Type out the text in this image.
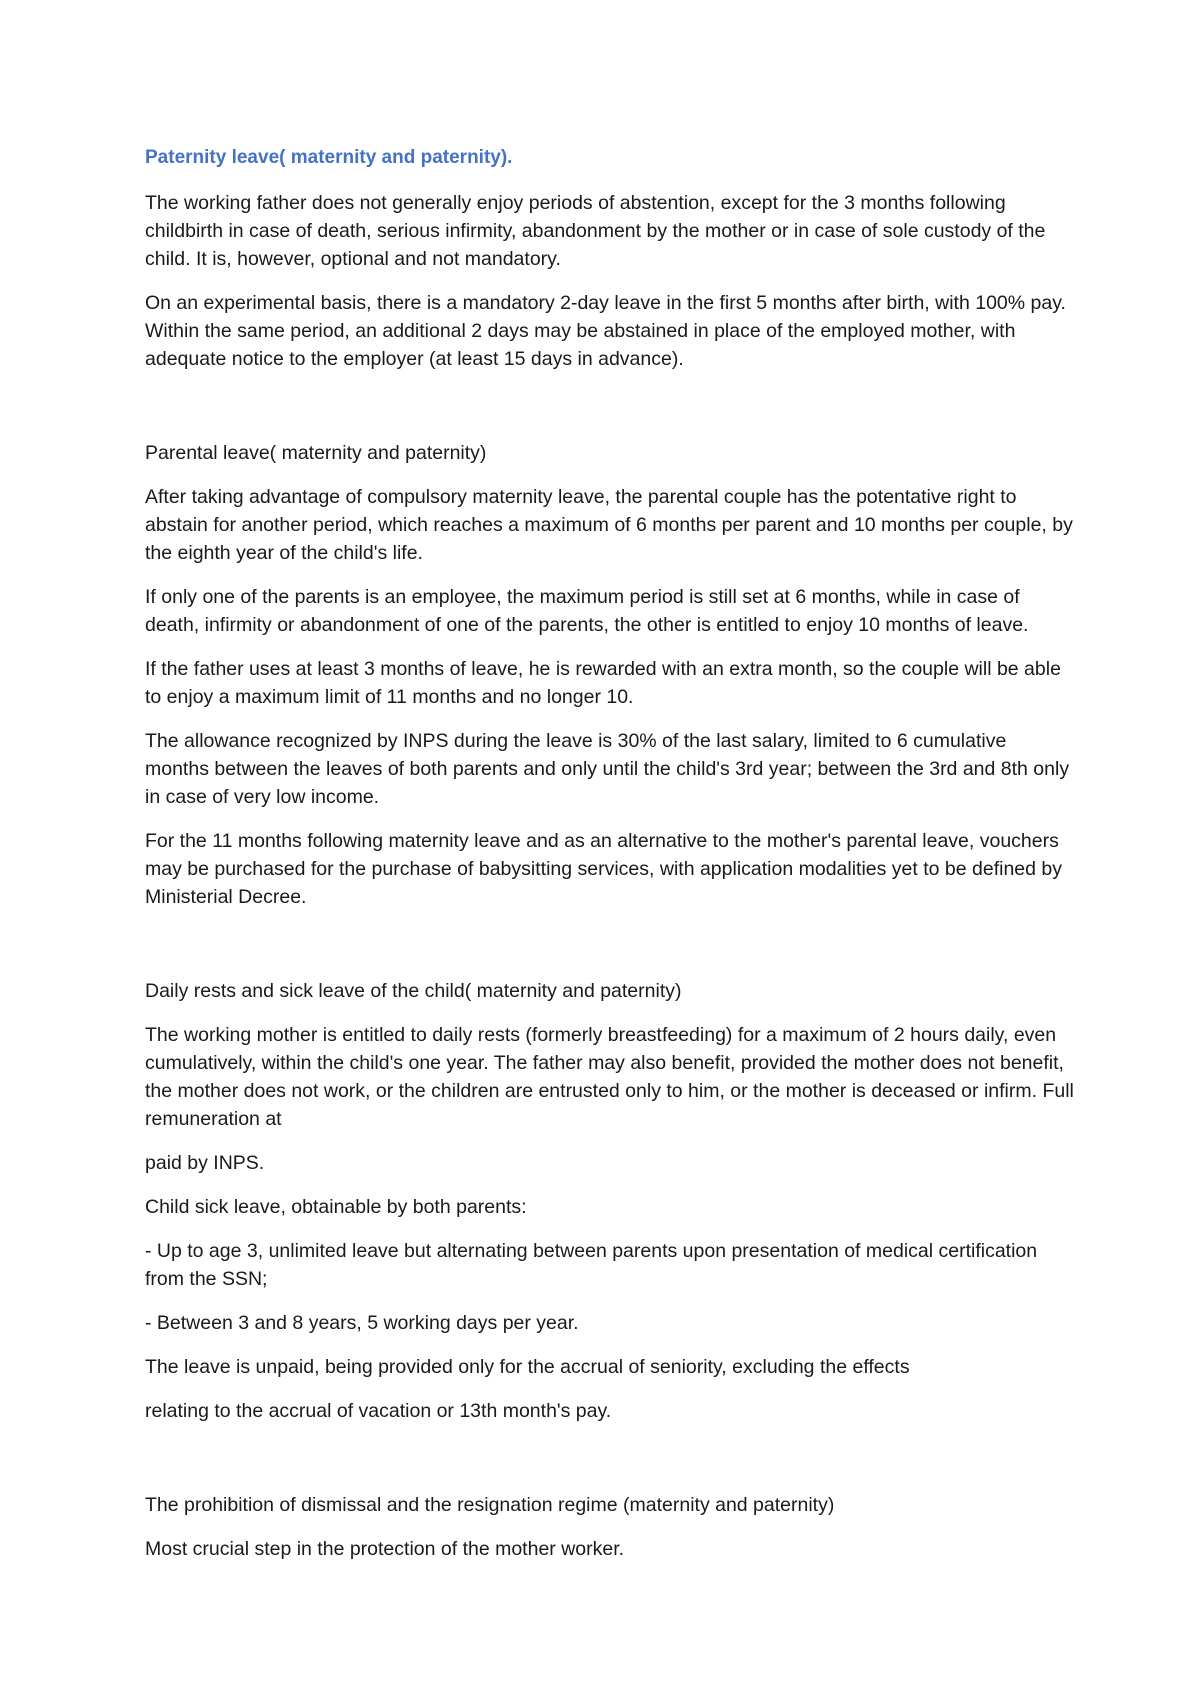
Paternity leave( maternity and paternity).

The working father does not generally enjoy periods of abstention, except for the 3 months following childbirth in case of death, serious infirmity, abandonment by the mother or in case of sole custody of the child. It is, however, optional and not mandatory.

On an experimental basis, there is a mandatory 2-day leave in the first 5 months after birth, with 100% pay. Within the same period, an additional 2 days may be abstained in place of the employed mother, with adequate notice to the employer (at least 15 days in advance).

Parental leave( maternity and paternity)

After taking advantage of compulsory maternity leave, the parental couple has the potentative right to abstain for another period, which reaches a maximum of 6 months per parent and 10 months per couple, by the eighth year of the child's life.

If only one of the parents is an employee, the maximum period is still set at 6 months, while in case of death, infirmity or abandonment of one of the parents, the other is entitled to enjoy 10 months of leave.

If the father uses at least 3 months of leave, he is rewarded with an extra month, so the couple will be able to enjoy a maximum limit of 11 months and no longer 10.

The allowance recognized by INPS during the leave is 30% of the last salary, limited to 6 cumulative months between the leaves of both parents and only until the child's 3rd year; between the 3rd and 8th only in case of very low income.

For the 11 months following maternity leave and as an alternative to the mother's parental leave, vouchers may be purchased for the purchase of babysitting services, with application modalities yet to be defined by Ministerial Decree.

Daily rests and sick leave of the child( maternity and paternity)

The working mother is entitled to daily rests (formerly breastfeeding) for a maximum of 2 hours daily, even cumulatively, within the child's one year. The father may also benefit, provided the mother does not benefit, the mother does not work, or the children are entrusted only to him, or the mother is deceased or infirm. Full remuneration at

paid by INPS.

Child sick leave, obtainable by both parents:

- Up to age 3, unlimited leave but alternating between parents upon presentation of medical certification from the SSN;

- Between 3 and 8 years, 5 working days per year.

The leave is unpaid, being provided only for the accrual of seniority, excluding the effects

relating to the accrual of vacation or 13th month's pay.

The prohibition of dismissal and the resignation regime (maternity and paternity)

Most crucial step in the protection of the mother worker.
